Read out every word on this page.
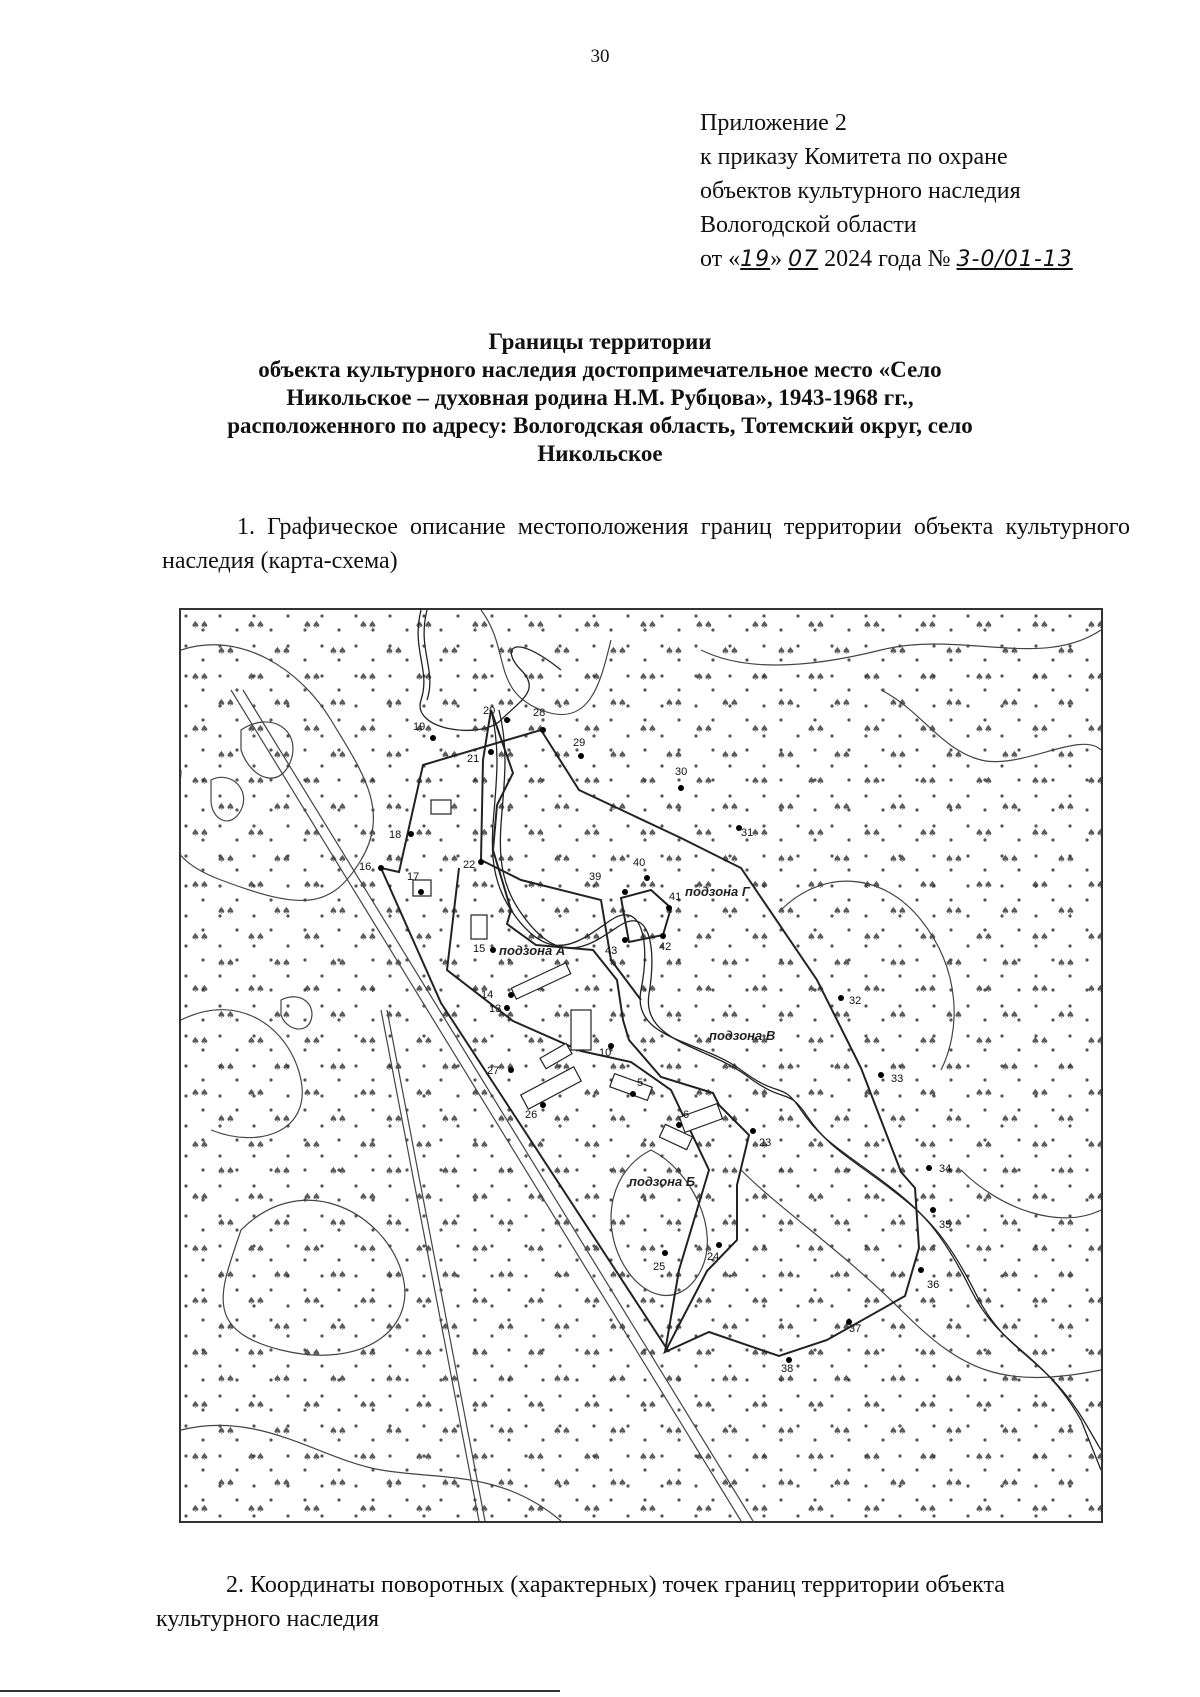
30
Приложение 2
к приказу Комитета по охране
объектов культурного наследия
Вологодской области
от «19» 07 2024 года № 3-0/01-13
Границы территории
объекта культурного наследия достопримечательное место «Село
Никольское – духовная родина Н.М. Рубцова», 1943-1968 гг.,
расположенного по адресу: Вологодская область, Тотемский округ, село
Никольское
1. Графическое описание местоположения границ территории объекта культурного наследия (карта-схема)
подзона А
подзона Б
подзона В
подзона Г
5
6
10
13
14
15
16
17
18
19
20
21
22
23
24
25
26
27
28
29
30
31
32
33
34
35
36
37
38
39
40
41
42
43
2. Координаты поворотных (характерных) точек границ территории объекта культурного наследия
